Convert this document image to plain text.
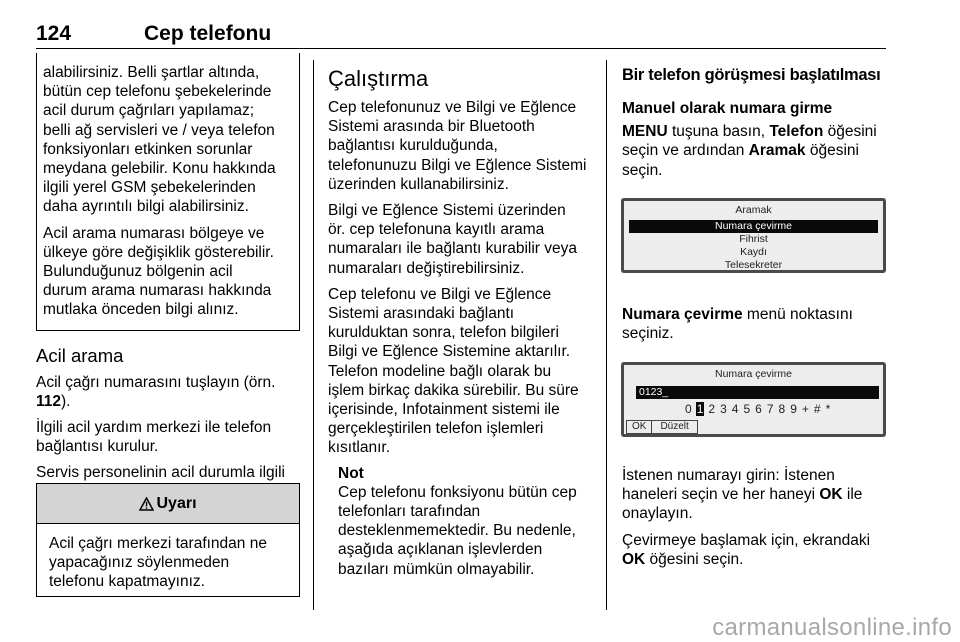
124	Cep telefonu

alabilirsiniz. Belli şartlar altında,
bütün cep telefonu şebekelerinde
acil durum çağrıları yapılamaz;
belli ağ servisleri ve / veya telefon
fonksiyonları etkinken sorunlar
meydana gelebilir. Konu hakkında
ilgili yerel GSM şebekelerinden
daha ayrıntılı bilgi alabilirsiniz.

Acil arama numarası bölgeye ve
ülkeye göre değişiklik gösterebilir.
Bulunduğunuz bölgenin acil
durum arama numarası hakkında
mutlaka önceden bilgi alınız.

Acil arama

Acil çağrı numarasını tuşlayın (örn.
112).

İlgili acil yardım merkezi ile telefon
bağlantısı kurulur.

Servis personelinin acil durumla ilgili

Uyarı

Acil çağrı merkezi tarafından ne
yapacağınız söylenmeden
telefonu kapatmayınız.

Çalıştırma

Cep telefonunuz ve Bilgi ve Eğlence
Sistemi arasında bir Bluetooth
bağlantısı kurulduğunda,
telefonunuzu Bilgi ve Eğlence Sistemi
üzerinden kullanabilirsiniz.

Bilgi ve Eğlence Sistemi üzerinden
ör. cep telefonuna kayıtlı arama
numaraları ile bağlantı kurabilir veya
numaraları değiştirebilirsiniz.

Cep telefonu ve Bilgi ve Eğlence
Sistemi arasındaki bağlantı
kurulduktan sonra, telefon bilgileri
Bilgi ve Eğlence Sistemine aktarılır.
Telefon modeline bağlı olarak bu
işlem birkaç dakika sürebilir. Bu süre
içerisinde, Infotainment sistemi ile
gerçekleştirilen telefon işlemleri
kısıtlanır.

Not

Cep telefonu fonksiyonu bütün cep
telefonları tarafından
desteklenmemektedir. Bu nedenle,
aşağıda açıklanan işlevlerden
bazıları mümkün olmayabilir.

Bir telefon görüşmesi başlatılması

Manuel olarak numara girme

MENU tuşuna basın, Telefon öğesini
seçin ve ardından Aramak öğesini
seçin.

Aramak
Numara çevirme
Fihrist
Kaydı
Telesekreter

Numara çevirme menü noktasını
seçiniz.

Numara çevirme
0123_
0 1 2 3 4 5 6 7 8 9 + # *
OK	Düzelt

İstenen numarayı girin: İstenen
haneleri seçin ve her haneyi OK ile
onaylayın.

Çevirmeye başlamak için, ekrandaki
OK öğesini seçin.

carmanualsonline.info
